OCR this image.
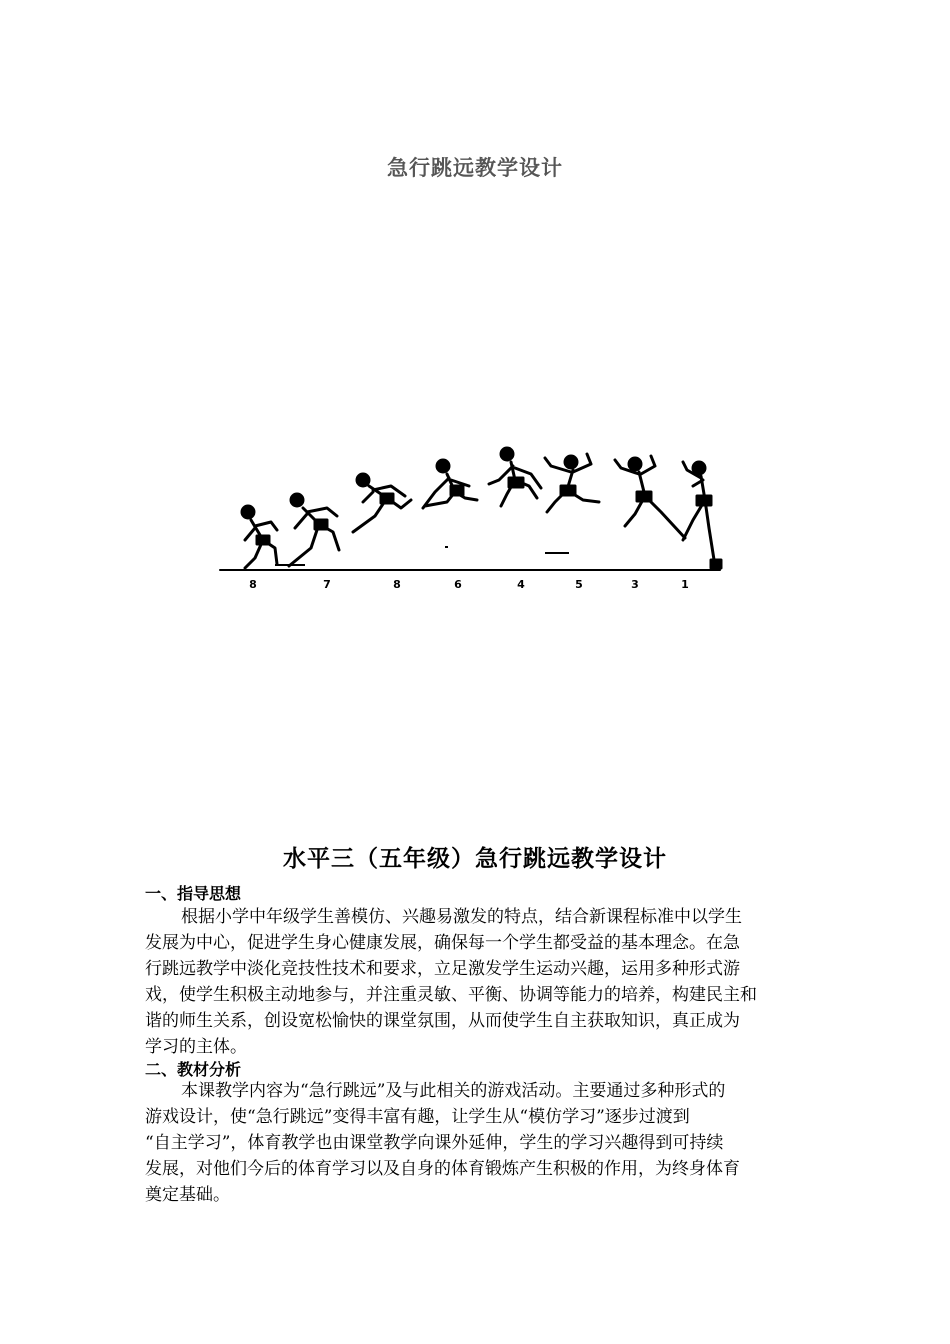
急行跳远教学设计
8	7	8	6	4	5	3	1
水平三（五年级）急行跳远教学设计
一、指导思想
根据小学中年级学生善模仿、兴趣易激发的特点，结合新课程标准中以学生
发展为中心，促进学生身心健康发展，确保每一个学生都受益的基本理念。在急
行跳远教学中淡化竞技性技术和要求，立足激发学生运动兴趣，运用多种形式游
戏，使学生积极主动地参与，并注重灵敏、平衡、协调等能力的培养，构建民主和
谐的师生关系，创设宽松愉快的课堂氛围，从而使学生自主获取知识，真正成为
学习的主体。
二、教材分析
本课教学内容为“急行跳远”及与此相关的游戏活动。主要通过多种形式的
游戏设计，使“急行跳远”变得丰富有趣，让学生从“模仿学习”逐步过渡到
“自主学习”，体育教学也由课堂教学向课外延伸，学生的学习兴趣得到可持续
发展，对他们今后的体育学习以及自身的体育锻炼产生积极的作用，为终身体育
奠定基础。
